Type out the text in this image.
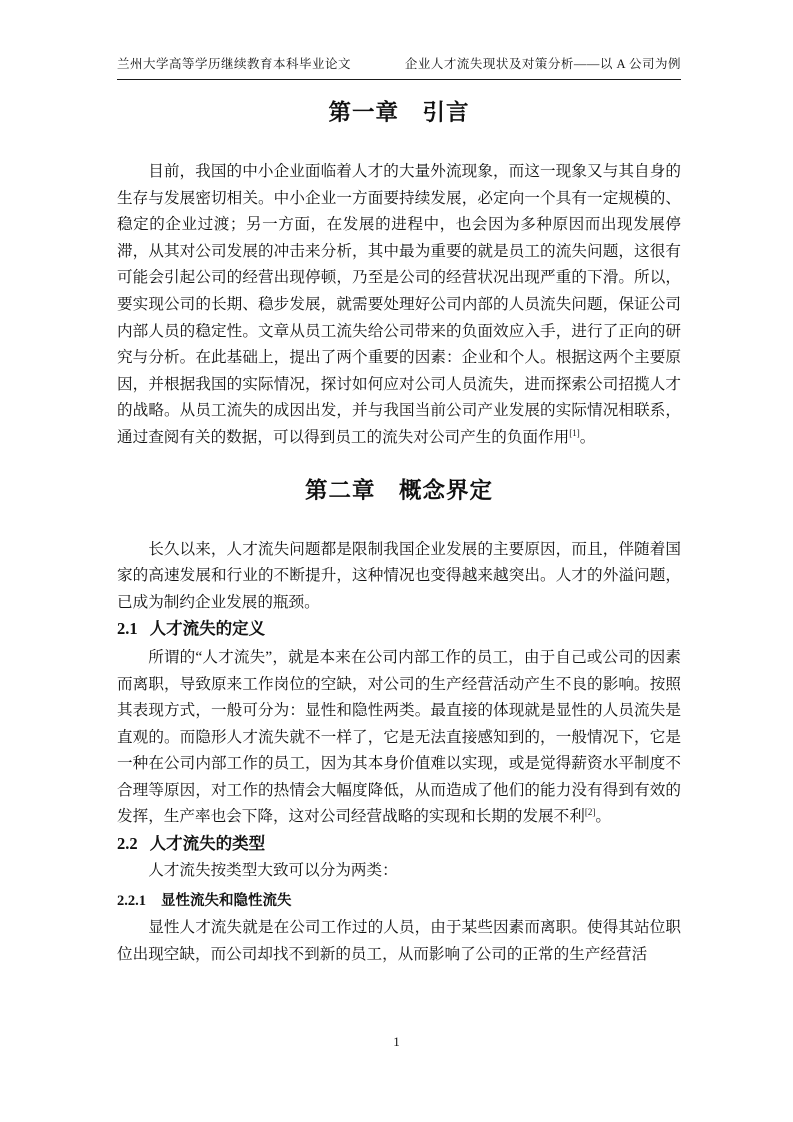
兰州大学高等学历继续教育本科毕业论文	企业人才流失现状及对策分析——以 A 公司为例
第一章　引言

目前，我国的中小企业面临着人才的大量外流现象，而这一现象又与其自身的生存与发展密切相关。中小企业一方面要持续发展，必定向一个具有一定规模的、稳定的企业过渡；另一方面，在发展的进程中，也会因为多种原因而出现发展停滞，从其对公司发展的冲击来分析，其中最为重要的就是员工的流失问题，这很有可能会引起公司的经营出现停顿，乃至是公司的经营状况出现严重的下滑。所以，要实现公司的长期、稳步发展，就需要处理好公司内部的人员流失问题，保证公司内部人员的稳定性。文章从员工流失给公司带来的负面效应入手，进行了正向的研究与分析。在此基础上，提出了两个重要的因素：企业和个人。根据这两个主要原因，并根据我国的实际情况，探讨如何应对公司人员流失，进而探索公司招揽人才的战略。从员工流失的成因出发，并与我国当前公司产业发展的实际情况相联系，通过查阅有关的数据，可以得到员工的流失对公司产生的负面作用[1]。

第二章　概念界定

长久以来，人才流失问题都是限制我国企业发展的主要原因，而且，伴随着国家的高速发展和行业的不断提升，这种情况也变得越来越突出。人才的外溢问题，已成为制约企业发展的瓶颈。

2.1 人才流失的定义

所谓的“人才流失”，就是本来在公司内部工作的员工，由于自己或公司的因素而离职，导致原来工作岗位的空缺，对公司的生产经营活动产生不良的影响。按照其表现方式，一般可分为：显性和隐性两类。最直接的体现就是显性的人员流失是直观的。而隐形人才流失就不一样了，它是无法直接感知到的，一般情况下，它是一种在公司内部工作的员工，因为其本身价值难以实现，或是觉得薪资水平制度不合理等原因，对工作的热情会大幅度降低，从而造成了他们的能力没有得到有效的发挥，生产率也会下降，这对公司经营战略的实现和长期的发展不利[2]。

2.2 人才流失的类型

人才流失按类型大致可以分为两类：

2.2.1 显性流失和隐性流失

显性人才流失就是在公司工作过的人员，由于某些因素而离职。使得其站位职位出现空缺，而公司却找不到新的员工，从而影响了公司的正常的生产经营活

1
